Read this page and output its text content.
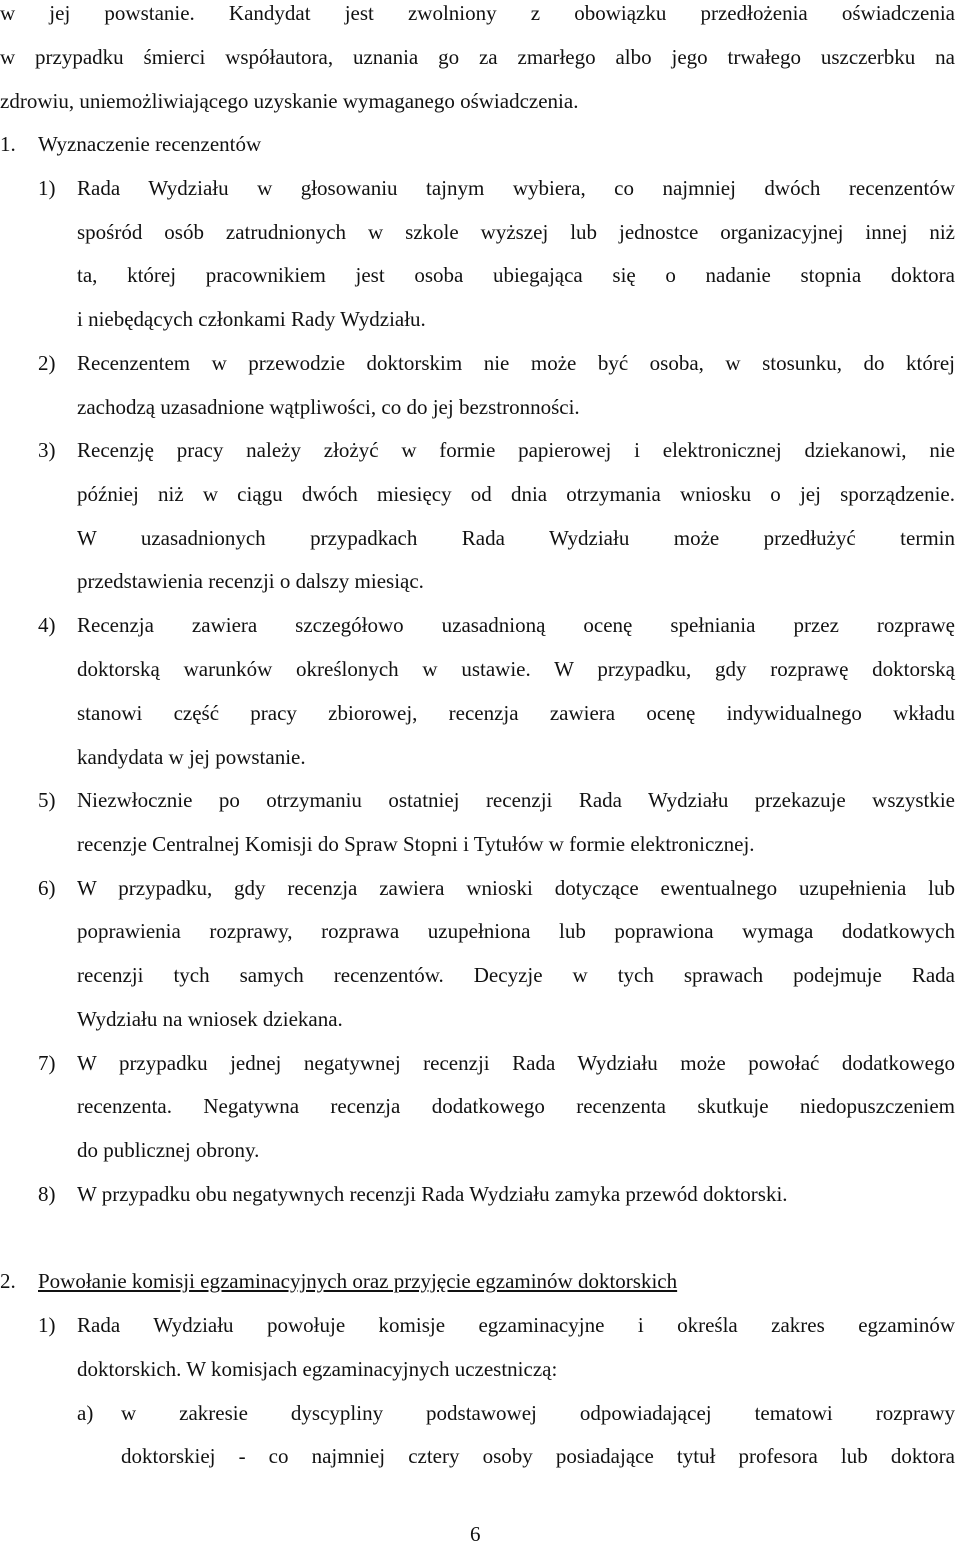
w jej powstanie. Kandydat jest zwolniony z obowiązku przedłożenia oświadczenia
w przypadku śmierci współautora, uznania go za zmarłego albo jego trwałego uszczerbku na
zdrowiu, uniemożliwiającego uzyskanie wymaganego oświadczenia.
1. Wyznaczenie recenzentów
1) Rada Wydziału w głosowaniu tajnym wybiera, co najmniej dwóch recenzentów
spośród osób zatrudnionych w szkole wyższej lub jednostce organizacyjnej innej niż
ta, której pracownikiem jest osoba ubiegająca się o nadanie stopnia doktora
i niebędących członkami Rady Wydziału.
2) Recenzentem w przewodzie doktorskim nie może być osoba, w stosunku, do której
zachodzą uzasadnione wątpliwości, co do jej bezstronności.
3) Recenzję pracy należy złożyć w formie papierowej i elektronicznej dziekanowi, nie
później niż w ciągu dwóch miesięcy od dnia otrzymania wniosku o jej sporządzenie.
W uzasadnionych przypadkach Rada Wydziału może przedłużyć termin
przedstawienia recenzji o dalszy miesiąc.
4) Recenzja zawiera szczegółowo uzasadnioną ocenę spełniania przez rozprawę
doktorską warunków określonych w ustawie. W przypadku, gdy rozprawę doktorską
stanowi część pracy zbiorowej, recenzja zawiera ocenę indywidualnego wkładu
kandydata w jej powstanie.
5) Niezwłocznie po otrzymaniu ostatniej recenzji Rada Wydziału przekazuje wszystkie
recenzje Centralnej Komisji do Spraw Stopni i Tytułów w formie elektronicznej.
6) W przypadku, gdy recenzja zawiera wnioski dotyczące ewentualnego uzupełnienia lub
poprawienia rozprawy, rozprawa uzupełniona lub poprawiona wymaga dodatkowych
recenzji tych samych recenzentów. Decyzje w tych sprawach podejmuje Rada
Wydziału na wniosek dziekana.
7) W przypadku jednej negatywnej recenzji Rada Wydziału może powołać dodatkowego
recenzenta. Negatywna recenzja dodatkowego recenzenta skutkuje niedopuszczeniem
do publicznej obrony.
8) W przypadku obu negatywnych recenzji Rada Wydziału zamyka przewód doktorski.
2. Powołanie komisji egzaminacyjnych oraz przyjęcie egzaminów doktorskich
1) Rada Wydziału powołuje komisje egzaminacyjne i określa zakres egzaminów
doktorskich. W komisjach egzaminacyjnych uczestniczą:
a) w zakresie dyscypliny podstawowej odpowiadającej tematowi rozprawy
doktorskiej - co najmniej cztery osoby posiadające tytuł profesora lub doktora
6
